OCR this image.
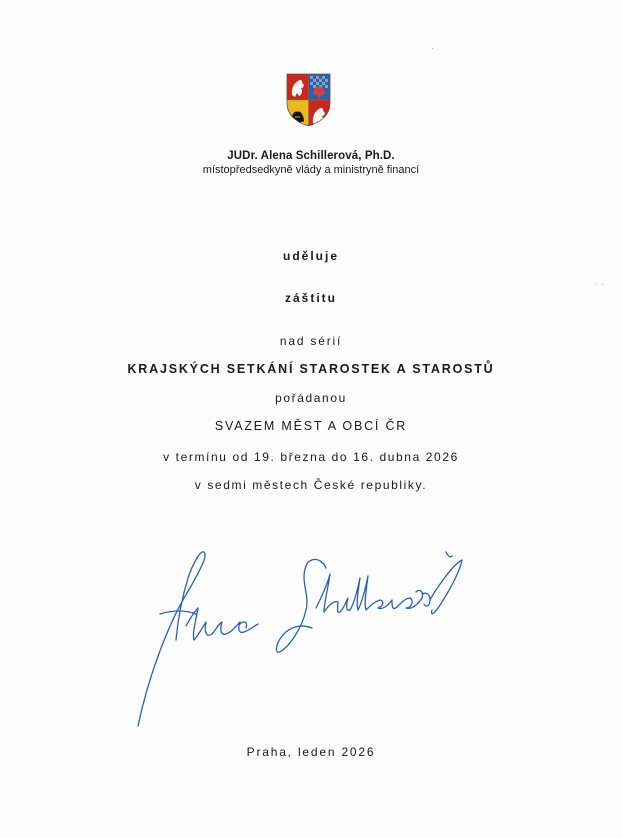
JUDr. Alena Schillerová, Ph.D.
místopředsedkyně vlády a ministryně financí
uděluje
záštitu
nad sérií
KRAJSKÝCH SETKÁNÍ STAROSTEK A STAROSTŮ
pořádanou
SVAZEM MĚST A OBCÍ ČR
v termínu od 19. března do 16. dubna 2026
v sedmi městech České republiky.
Praha, leden 2026
